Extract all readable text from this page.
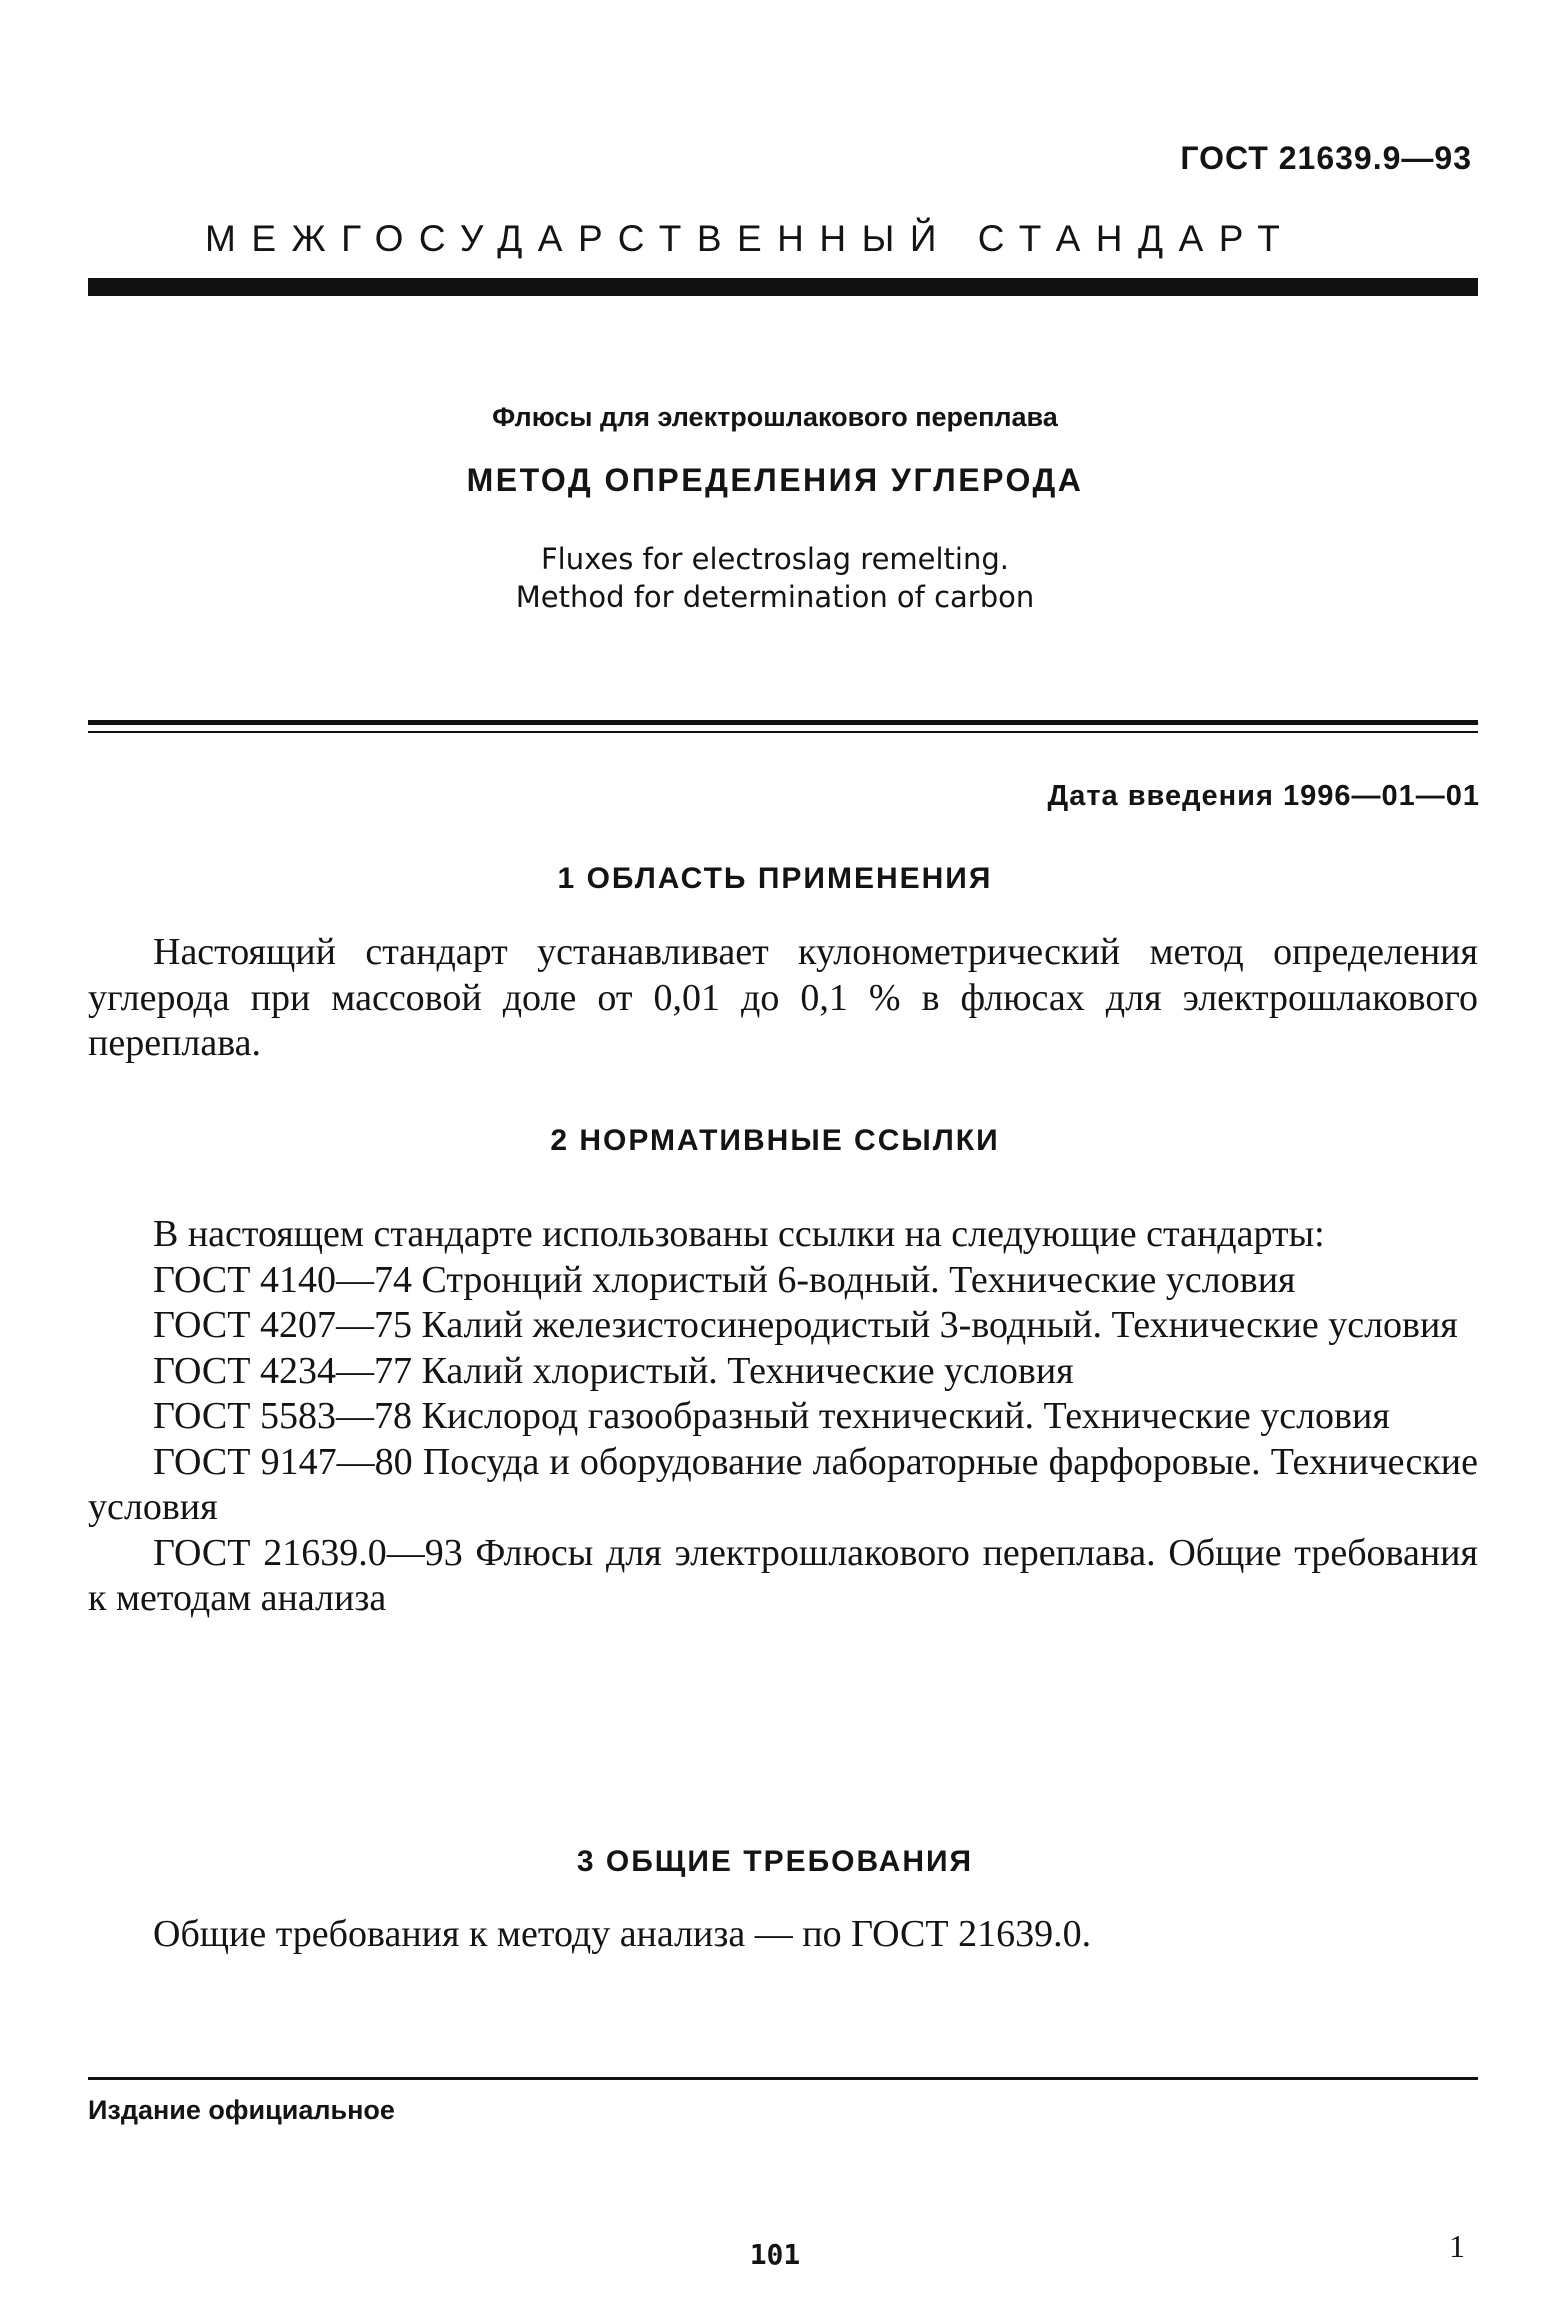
ГОСТ 21639.9—93
МЕЖГОСУДАРСТВЕННЫЙ СТАНДАРТ
Флюсы для электрошлакового переплава
МЕТОД ОПРЕДЕЛЕНИЯ УГЛЕРОДА
Fluxes for electroslag remelting.
Method for determination of carbon
Дата введения 1996—01—01
1 ОБЛАСТЬ ПРИМЕНЕНИЯ
Настоящий стандарт устанавливает кулонометрический метод определения углерода при массовой доле от 0,01 до 0,1 % в флюсах для электрошлакового переплава.
2 НОРМАТИВНЫЕ ССЫЛКИ
В настоящем стандарте использованы ссылки на следующие стандарты:
ГОСТ 4140—74 Стронций хлористый 6-водный. Технические условия
ГОСТ 4207—75 Калий железистосинеродистый 3-водный. Технические условия
ГОСТ 4234—77 Калий хлористый. Технические условия
ГОСТ 5583—78 Кислород газообразный технический. Технические условия
ГОСТ 9147—80 Посуда и оборудование лабораторные фарфоровые. Технические условия
ГОСТ 21639.0—93 Флюсы для электрошлакового переплава. Общие требования к методам анализа
3 ОБЩИЕ ТРЕБОВАНИЯ
Общие требования к методу анализа — по ГОСТ 21639.0.
Издание официальное
101	1
